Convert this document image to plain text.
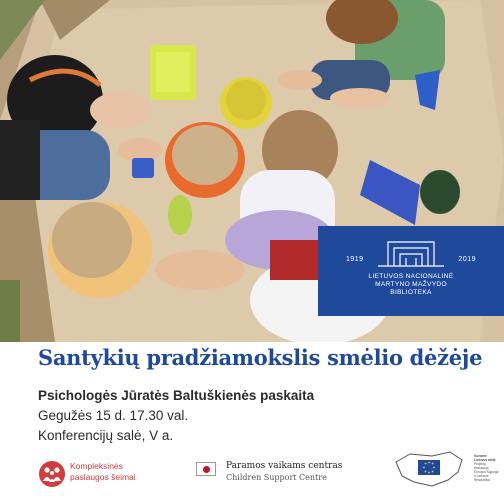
1919	2019
LIETUVOS NACIONALINĖ
MARTYNO MAŽVYDO
BIBLIOTEKA
Santykių pradžiamokslis smėlio dėžėje
Psichologės Jūratės Baltuškienės paskaita
Gegužės 15 d. 17.30 val.
Konferencijų salė, V a.
Kompleksinės
paslaugos šeimai
Paramos vaikams centras
Children Support Centre
Kuriame
Lietuvos ateitį
Projektą finansuoja
Europos Sąjunga
ir Lietuvos
Respublika
